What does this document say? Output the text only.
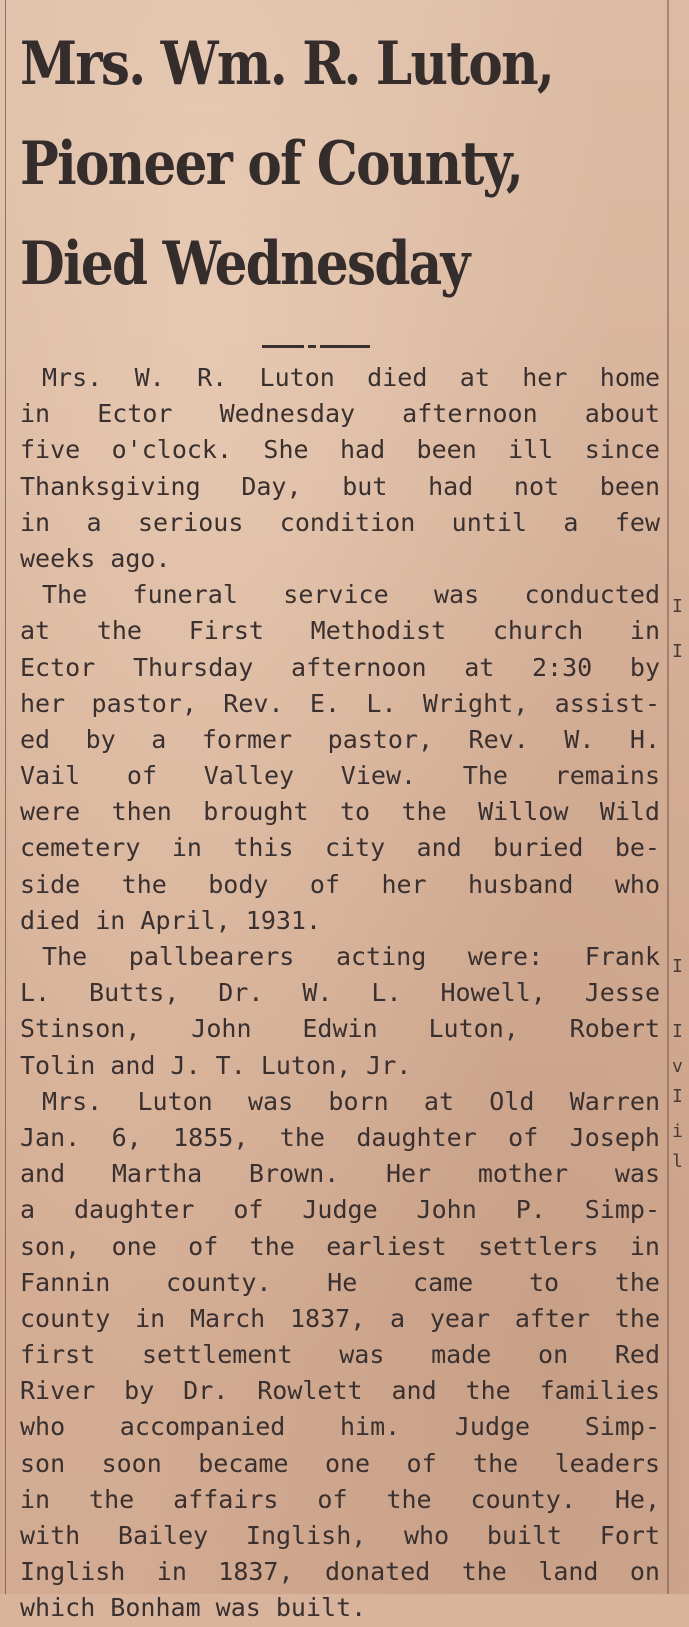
Mrs. Wm. R. Luton,
Pioneer of County,
Died Wednesday
Mrs. W. R. Luton died at her home
in Ector Wednesday afternoon about
five o'clock. She had been ill since
Thanksgiving Day, but had not been
in a serious condition until a few
weeks ago.
The funeral service was conducted
at the First Methodist church in
Ector Thursday afternoon at 2:30 by
her pastor, Rev. E. L. Wright, assist-
ed by a former pastor, Rev. W. H.
Vail of Valley View. The remains
were then brought to the Willow Wild
cemetery in this city and buried be-
side the body of her husband who
died in April, 1931.
The pallbearers acting were: Frank
L. Butts, Dr. W. L. Howell, Jesse
Stinson, John Edwin Luton, Robert
Tolin and J. T. Luton, Jr.
Mrs. Luton was born at Old Warren
Jan. 6, 1855, the daughter of Joseph
and Martha Brown. Her mother was
a daughter of Judge John P. Simp-
son, one of the earliest settlers in
Fannin county. He came to the
county in March 1837, a year after the
first settlement was made on Red
River by Dr. Rowlett and the families
who accompanied him. Judge Simp-
son soon became one of the leaders
in the affairs of the county. He,
with Bailey Inglish, who built Fort
Inglish in 1837, donated the land on
which Bonham was built.
I
I
I
I
v
I
i
l
